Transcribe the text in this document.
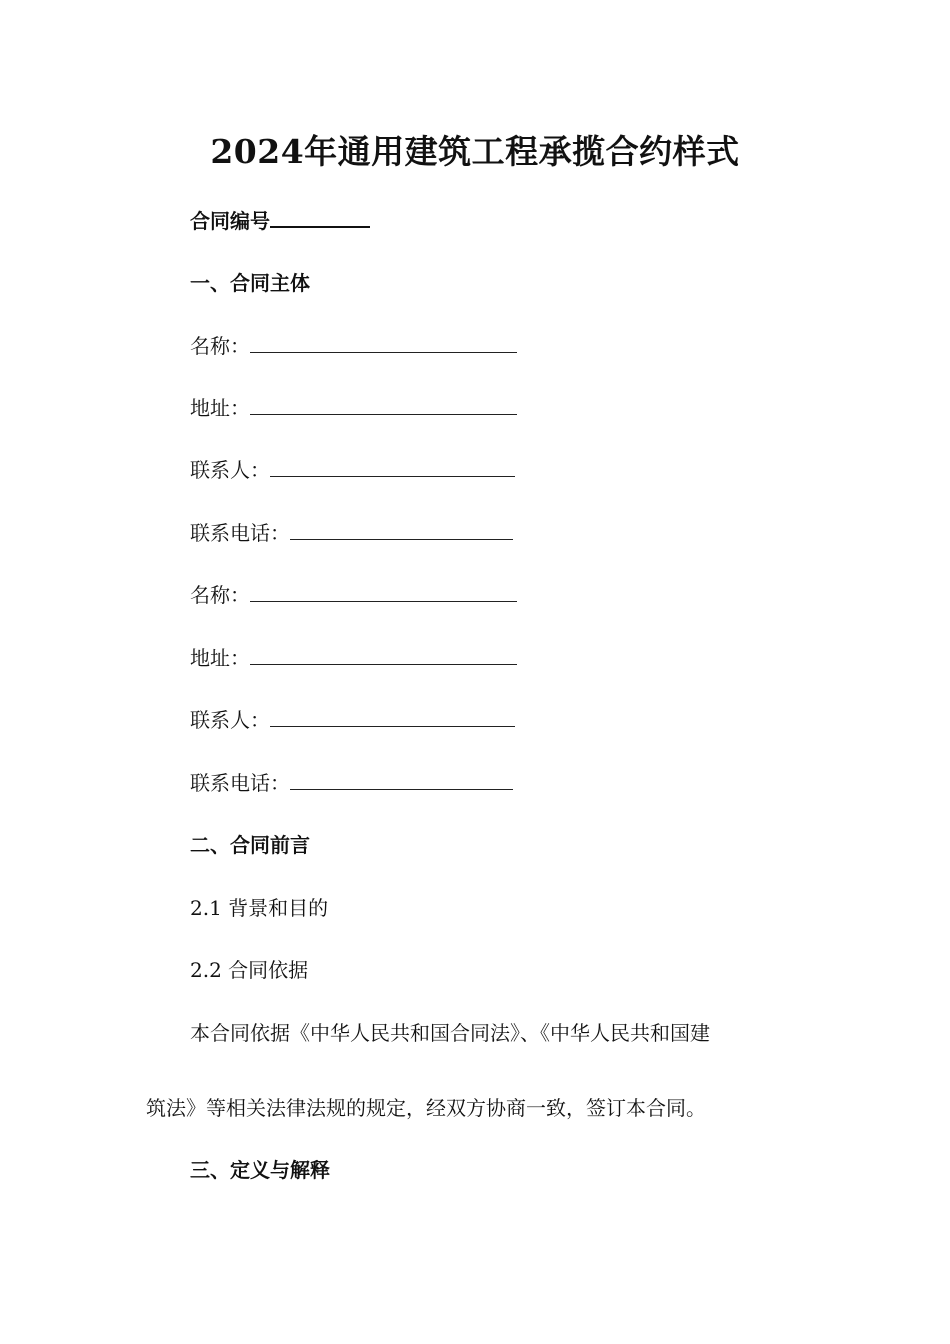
2024年通用建筑工程承揽合约样式
合同编号
一、合同主体
名称：
地址：
联系人：
联系电话：
名称：
地址：
联系人：
联系电话：
二、合同前言
2.1 背景和目的
2.2 合同依据
本合同依据《中华人民共和国合同法》、《中华人民共和国建
筑法》等相关法律法规的规定，经双方协商一致，签订本合同。
三、定义与解释
